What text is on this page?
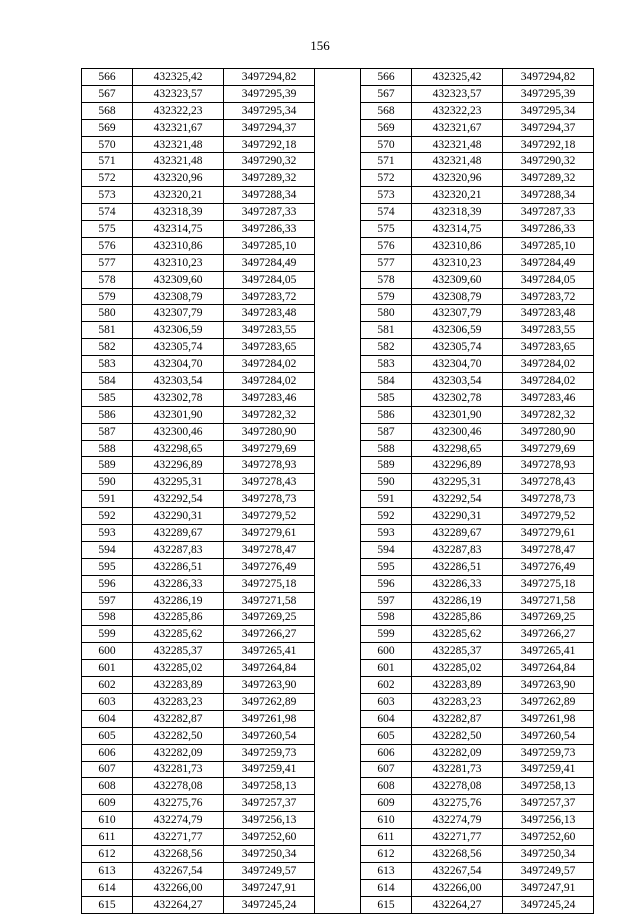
156
566	432325,42	3497294,82		566	432325,42	3497294,82
567	432323,57	3497295,39		567	432323,57	3497295,39
568	432322,23	3497295,34		568	432322,23	3497295,34
569	432321,67	3497294,37		569	432321,67	3497294,37
570	432321,48	3497292,18		570	432321,48	3497292,18
571	432321,48	3497290,32		571	432321,48	3497290,32
572	432320,96	3497289,32		572	432320,96	3497289,32
573	432320,21	3497288,34		573	432320,21	3497288,34
574	432318,39	3497287,33		574	432318,39	3497287,33
575	432314,75	3497286,33		575	432314,75	3497286,33
576	432310,86	3497285,10		576	432310,86	3497285,10
577	432310,23	3497284,49		577	432310,23	3497284,49
578	432309,60	3497284,05		578	432309,60	3497284,05
579	432308,79	3497283,72		579	432308,79	3497283,72
580	432307,79	3497283,48		580	432307,79	3497283,48
581	432306,59	3497283,55		581	432306,59	3497283,55
582	432305,74	3497283,65		582	432305,74	3497283,65
583	432304,70	3497284,02		583	432304,70	3497284,02
584	432303,54	3497284,02		584	432303,54	3497284,02
585	432302,78	3497283,46		585	432302,78	3497283,46
586	432301,90	3497282,32		586	432301,90	3497282,32
587	432300,46	3497280,90		587	432300,46	3497280,90
588	432298,65	3497279,69		588	432298,65	3497279,69
589	432296,89	3497278,93		589	432296,89	3497278,93
590	432295,31	3497278,43		590	432295,31	3497278,43
591	432292,54	3497278,73		591	432292,54	3497278,73
592	432290,31	3497279,52		592	432290,31	3497279,52
593	432289,67	3497279,61		593	432289,67	3497279,61
594	432287,83	3497278,47		594	432287,83	3497278,47
595	432286,51	3497276,49		595	432286,51	3497276,49
596	432286,33	3497275,18		596	432286,33	3497275,18
597	432286,19	3497271,58		597	432286,19	3497271,58
598	432285,86	3497269,25		598	432285,86	3497269,25
599	432285,62	3497266,27		599	432285,62	3497266,27
600	432285,37	3497265,41		600	432285,37	3497265,41
601	432285,02	3497264,84		601	432285,02	3497264,84
602	432283,89	3497263,90		602	432283,89	3497263,90
603	432283,23	3497262,89		603	432283,23	3497262,89
604	432282,87	3497261,98		604	432282,87	3497261,98
605	432282,50	3497260,54		605	432282,50	3497260,54
606	432282,09	3497259,73		606	432282,09	3497259,73
607	432281,73	3497259,41		607	432281,73	3497259,41
608	432278,08	3497258,13		608	432278,08	3497258,13
609	432275,76	3497257,37		609	432275,76	3497257,37
610	432274,79	3497256,13		610	432274,79	3497256,13
611	432271,77	3497252,60		611	432271,77	3497252,60
612	432268,56	3497250,34		612	432268,56	3497250,34
613	432267,54	3497249,57		613	432267,54	3497249,57
614	432266,00	3497247,91		614	432266,00	3497247,91
615	432264,27	3497245,24		615	432264,27	3497245,24
